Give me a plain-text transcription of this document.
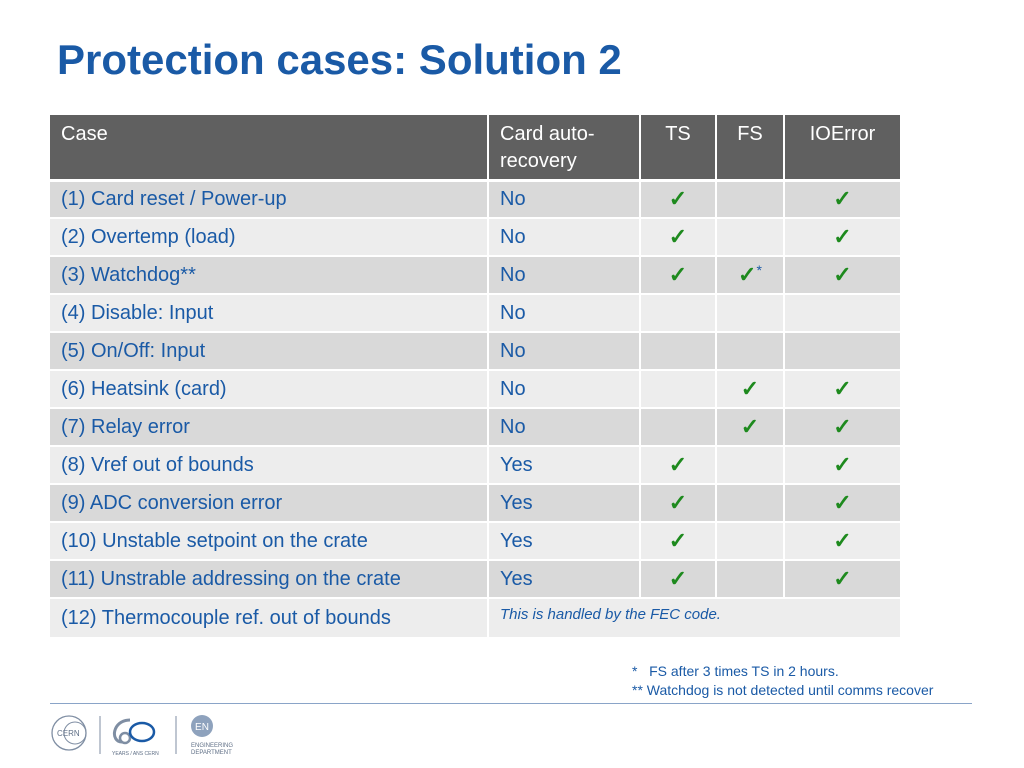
Protection cases: Solution 2
Case	Card auto-recovery	TS	FS	IOError
(1) Card reset / Power-up	No	✓		✓
(2) Overtemp (load)	No	✓		✓
(3) Watchdog**	No	✓	✓*	✓
(4) Disable: Input	No			
(5) On/Off: Input	No			
(6) Heatsink (card)	No		✓	✓
(7) Relay error	No		✓	✓
(8) Vref out of bounds	Yes	✓		✓
(9) ADC conversion error	Yes	✓		✓
(10) Unstable setpoint on the crate	Yes	✓		✓
(11) Unstrable addressing on the crate	Yes	✓		✓
(12) Thermocouple ref. out of bounds	This is handled by the FEC code.			
*   FS after 3 times TS in 2 hours.
** Watchdog is not detected until comms recover
CERN
YEARS / ANS CERN
EN
ENGINEERING
DEPARTMENT
